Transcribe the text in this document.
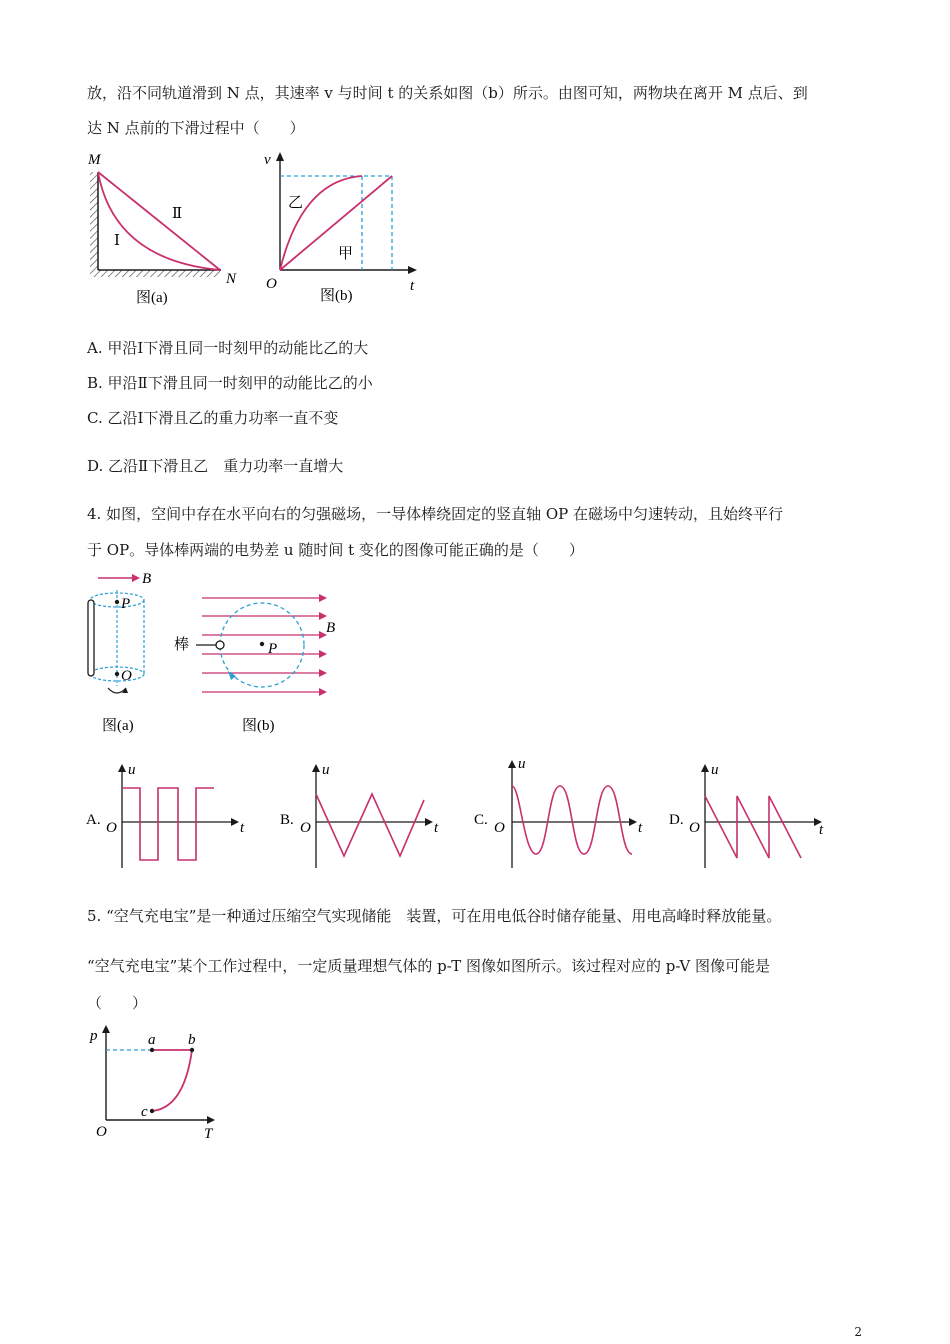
放，沿不同轨道滑到 N 点，其速率 v 与时间 t 的关系如图（b）所示。由图可知，两物块在离开 M 点后、到
达 N 点前的下滑过程中（　　）
M
N
Ⅰ
Ⅱ
图(a)
v
t
O
乙
甲
图(b)
A. 甲沿Ⅰ下滑且同一时刻甲的动能比乙的大
B. 甲沿Ⅱ下滑且同一时刻甲的动能比乙的小
C. 乙沿Ⅰ下滑且乙的重力功率一直不变
D. 乙沿Ⅱ下滑且乙　重力功率一直增大
4. 如图，空间中存在水平向右的匀强磁场，一导体棒绕固定的竖直轴 OP 在磁场中匀速转动，且始终平行
于 OP。导体棒两端的电势差 u 随时间 t 变化的图像可能正确的是（　　）
B
P
O
图(a)
棒	P
B
图(b)
A.
u
O	t B.
u
O	t C.
u
O	t D.
u
O	t
5. “空气充电宝”是一种通过压缩空气实现储能　装置，可在用电低谷时储存能量、用电高峰时释放能量。
“空气充电宝”某个工作过程中，一定质量理想气体的 p-T 图像如图所示。该过程对应的 p-V 图像可能是
（　　）
p
T
O
a b
c
2
